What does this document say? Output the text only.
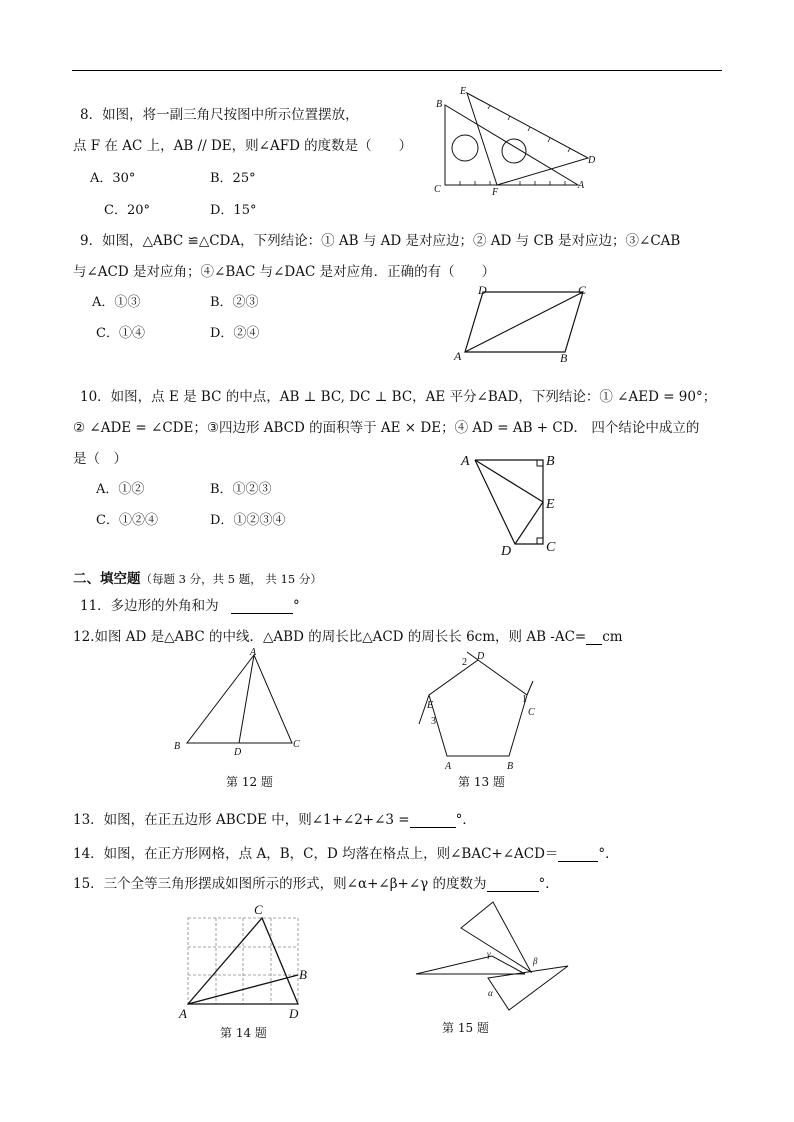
8．如图，将一副三角尺按图中所示位置摆放，
点 F 在 AC 上，AB // DE，则∠AFD 的度数是（　　）
A．30°	B．25°
C．20°	D．15°
B
E
D
C	F
A
9．如图，△ABC ≌△CDA，下列结论：① AB 与 AD 是对应边；② AD 与 CB 是对应边；③∠CAB
与∠ACD 是对应角；④∠BAC 与∠DAC 是对应角．正确的有（　　）
A．①③	B．②③
C．①④	D．②④
D	C
A	B
10．如图，点 E 是 BC 的中点，AB ⊥ BC, DC ⊥ BC，AE 平分∠BAD，下列结论：① ∠AED = 90°；
② ∠ADE = ∠CDE；③四边形 ABCD 的面积等于 AE × DE；④ AD = AB + CD． 四个结论中成立的
是（　）
A．①②	B．①②③
C．①②④	D．①②③④
A	B
E
D C
二、填空题（每题 3 分，共 5 题， 共 15 分）
11．多边形的外角和为	°
12.如图 AD 是△ABC 的中线．△ABD 的周长比△ACD 的周长长 6cm，则 AB -AC= cm
A
B
D
C
第 12 题
D
2
1
C
E
3
A	B
第 13 题
13．如图，在正五边形 ABCDE 中，则∠1+∠2+∠3 =	°．
14．如图，在正方形网格，点 A，B，C，D 均落在格点上，则∠BAC+∠ACD＝	°．
15．三个全等三角形摆成如图所示的形式，则∠α+∠β+∠γ 的度数为	°．
C
B
A	D
第 14 题
γ
β
α
第 15 题
